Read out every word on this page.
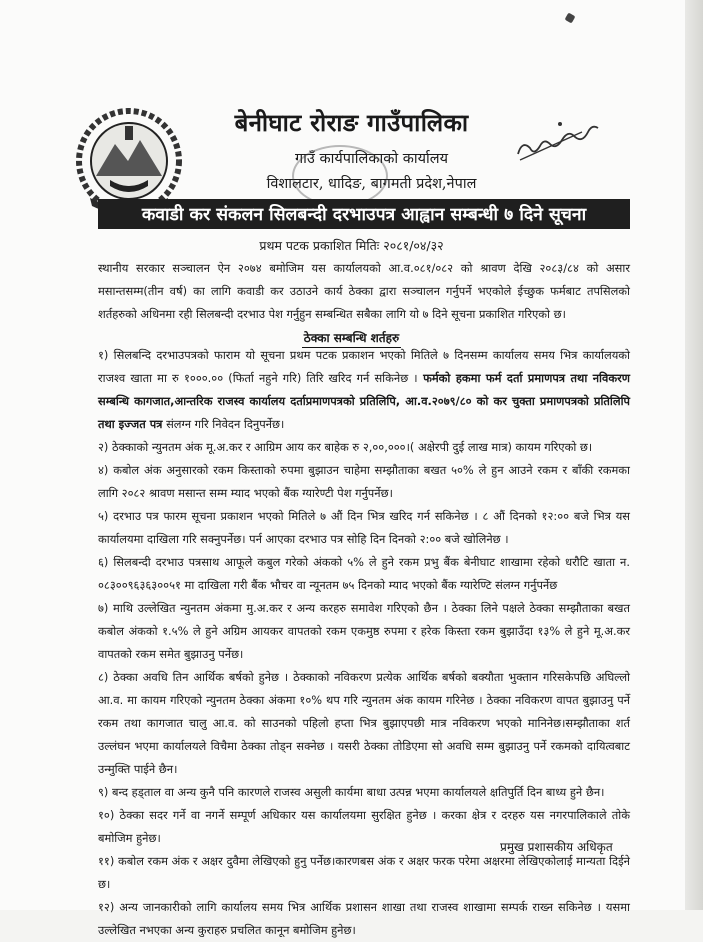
बेनीघाट रोराङ गाउँपालिका
गाउँ कार्यपालिकाको कार्यालय
विशालटार, धादिङ, बागमती प्रदेश,नेपाल
कवाडी कर संकलन सिलबन्दी दरभाउपत्र आह्वान सम्बन्धी ७ दिने सूचना
प्रथम पटक प्रकाशित मितिः २०८१/०४/३२
स्थानीय सरकार सञ्चालन ऐन २०७४ बमोजिम यस कार्यालयको आ.व.०८१/०८२ को श्रावण देखि २०८३/८४ को असार मसान्तसम्म(तीन वर्ष) का लागि कवाडी कर उठाउने कार्य ठेक्का द्वारा सञ्चालन गर्नुपर्ने भएकोले ईच्छुक फर्मबाट तपसिलको शर्तहरुको अधिनमा रही सिलबन्दी दरभाउ पेश गर्नुहुन सम्बन्धित सबैका लागि यो ७ दिने सूचना प्रकाशित गरिएको छ।
ठेक्का सम्बन्धि शर्तहरु

१) सिलबन्दि दरभाउपत्रको फाराम यो सूचना प्रथम पटक प्रकाशन भएको मितिले ७ दिनसम्म कार्यालय समय भित्र कार्यालयको राजश्व खाता मा रु १०००.०० (फिर्ता नहुने गरि) तिरि खरिद गर्न सकिनेछ । फर्मको हकमा फर्म दर्ता प्रमाणपत्र तथा नविकरण सम्बन्धि कागजात,आन्तरिक राजस्व कार्यालय दर्ताप्रमाणपत्रको प्रतिलिपि, आ.व.२०७९/८० को कर चुक्ता प्रमाणपत्रको प्रतिलिपि तथा इज्जत पत्र संलग्न गरि निवेदन दिनुपर्नेछ।

२) ठेक्काको न्युनतम अंक मू.अ.कर र आग्रिम आय कर बाहेक रु २,००,०००।( अक्षेरपी दुई लाख मात्र) कायम गरिएको छ।

४) कबोल अंक अनुसारको रकम किस्ताको रुपमा बुझाउन चाहेमा सम्झौताका बखत ५०% ले हुन आउने रकम र बाँकी रकमका लागि २०८२ श्रावण मसान्त सम्म म्याद भएको बैंक ग्यारेण्टी पेश गर्नुपर्नेछ।

५) दरभाउ पत्र फारम सूचना प्रकाशन भएको मितिले ७ औं दिन भित्र खरिद गर्न सकिनेछ । ८ औं दिनको १२:०० बजे भित्र यस कार्यालयमा दाखिला गरि सक्नुपर्नेछ। पर्न आएका दरभाउ पत्र सोहि दिन दिनको २:०० बजे खोलिनेछ ।

६) सिलबन्दी दरभाउ पत्रसाथ आफूले कबुल गरेको अंकको ५% ले हुने रकम प्रभु बैंक बेनीघाट शाखामा रहेको धरौटि खाता न. ०८३००९६३६३००५१ मा दाखिला गरी बैंक भौचर वा न्यूनतम ७५ दिनको म्याद भएको बैंक ग्यारेण्टि संलग्न गर्नुपर्नेछ

७) माथि उल्लेखित न्युनतम अंकमा मु.अ.कर र अन्य करहरु समावेश गरिएको छैन । ठेक्का लिने पक्षले ठेक्का सम्झौताका बखत कबोल अंकको १.५% ले हुने अग्रिम आयकर वापतको रकम एकमुष्ठ रुपमा र हरेक किस्ता रकम बुझाउँदा १३% ले हुने मू.अ.कर वापतको रकम समेत बुझाउनु पर्नेछ।

८) ठेक्का अवधि तिन आर्थिक बर्षको हुनेछ । ठेक्काको नविकरण प्रत्येक आर्थिक बर्षको बक्यौता भुक्तान गरिसकेपछि अघिल्लो आ.व. मा कायम गरिएको न्युनतम ठेक्का अंकमा १०% थप गरि न्युनतम अंक कायम गरिनेछ । ठेक्का नविकरण वापत बुझाउनु पर्ने रकम तथा कागजात चालु आ.व. को साउनको पहिलो हप्ता भित्र बुझाएपछी मात्र नविकरण भएको मानिनेछ।सम्झौताका शर्त उल्लंघन भएमा कार्यालयले विचैमा ठेक्का तोड्न सक्नेछ । यसरी ठेक्का तोडिएमा सो अवधि सम्म बुझाउनु पर्ने रकमको दायित्वबाट उन्मुक्ति पाईने छैन।

९) बन्द हड्ताल वा अन्य कुनै पनि कारणले राजस्व असुली कार्यमा बाधा उत्पन्न भएमा कार्यालयले क्षतिपुर्ति दिन बाध्य हुने छैन।

१०) ठेक्का सदर गर्ने वा नगर्ने सम्पूर्ण अधिकार यस कार्यालयमा सुरक्षित हुनेछ । करका क्षेत्र र दरहरु यस नगरपालिकाले तोके बमोजिम हुनेछ।

११) कबोल रकम अंक र अक्षर दुवैमा लेखिएको हुनु पर्नेछ।कारणबस अंक र अक्षर फरक परेमा अक्षरमा लेखिएकोलाई मान्यता दिईने छ।

१२) अन्य जानकारीको लागि कार्यालय समय भित्र आर्थिक प्रशासन शाखा तथा राजस्व शाखामा सम्पर्क राख्न सकिनेछ । यसमा उल्लेखित नभएका अन्य कुराहरु प्रचलित कानून बमोजिम हुनेछ।

प्रमुख प्रशासकीय अधिकृत
